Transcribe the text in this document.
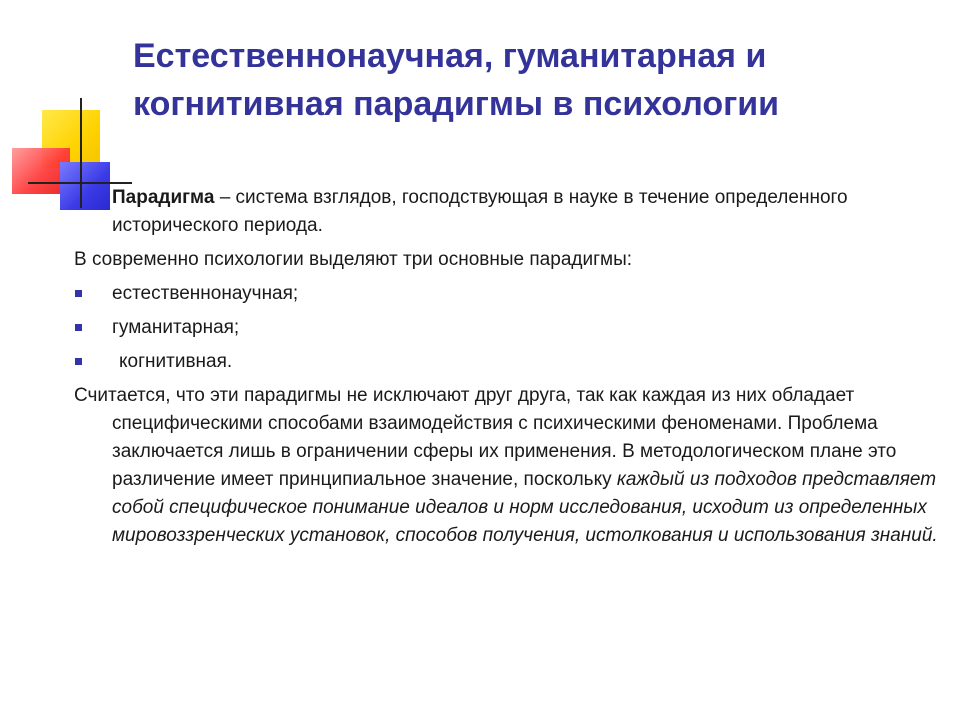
Естественнонаучная, гуманитарная и когнитивная парадигмы в психологии

Парадигма – система взглядов, господствующая в науке в течение определенного исторического периода.

В современно психологии выделяют три основные парадигмы:

естественнонаучная;
гуманитарная;
когнитивная.

Считается, что эти парадигмы не исключают друг друга, так как каждая из них обладает специфическими способами взаимодействия с психическими феноменами. Проблема заключается лишь в ограничении сферы их применения. В методологическом плане это различение имеет принципиальное значение, поскольку каждый из подходов представляет собой специфическое понимание идеалов и норм исследования, исходит из определенных мировоззренческих установок, способов получения, истолкования и использования знаний.
